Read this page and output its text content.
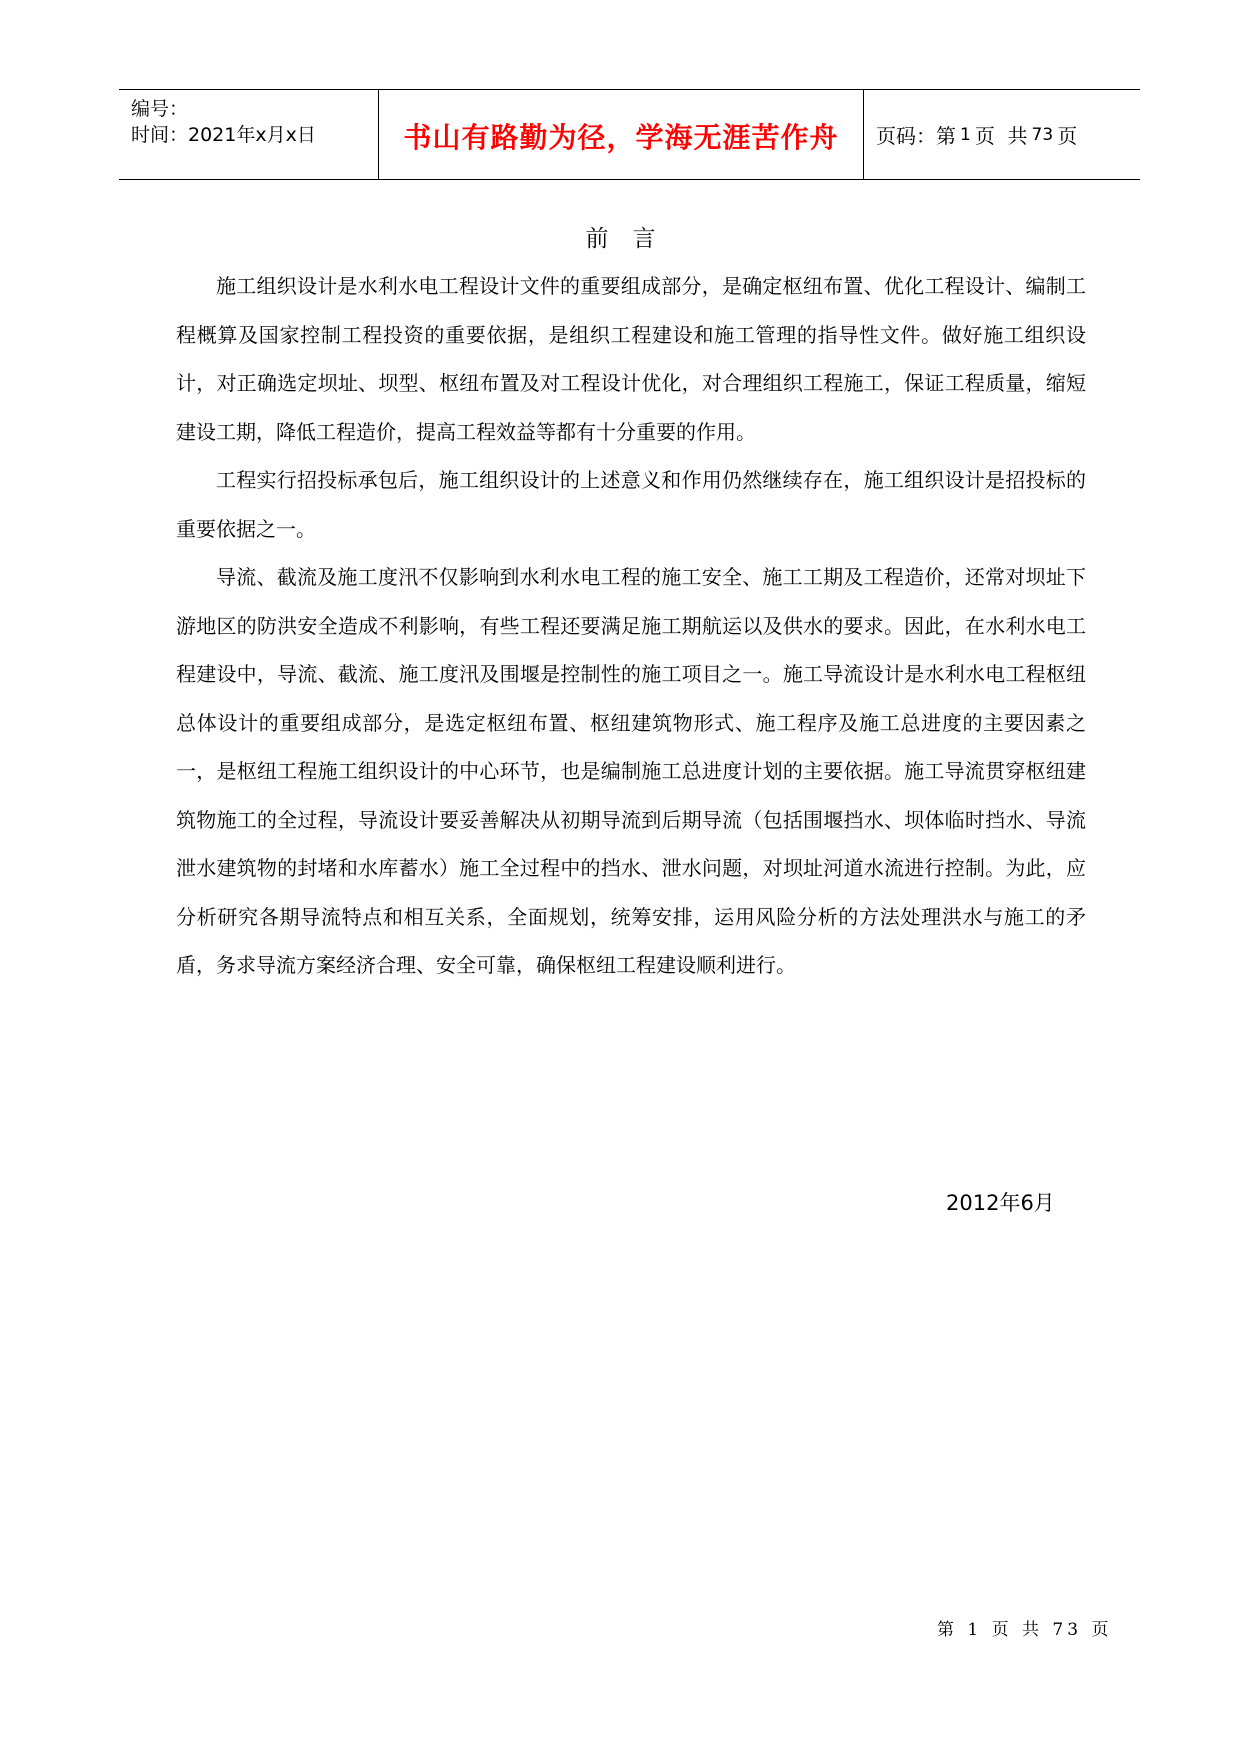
编号：
时间：2021年x月x日	书山有路勤为径，学海无涯苦作舟 页码：第 1 页  共 73 页
前言

施工组织设计是水利水电工程设计文件的重要组成部分，是确定枢纽布置、优化工程设计、编制工程概算及国家控制工程投资的重要依据，是组织工程建设和施工管理的指导性文件。做好施工组织设计，对正确选定坝址、坝型、枢纽布置及对工程设计优化，对合理组织工程施工，保证工程质量，缩短建设工期，降低工程造价，提高工程效益等都有十分重要的作用。

工程实行招投标承包后，施工组织设计的上述意义和作用仍然继续存在，施工组织设计是招投标的重要依据之一。

导流、截流及施工度汛不仅影响到水利水电工程的施工安全、施工工期及工程造价，还常对坝址下游地区的防洪安全造成不利影响，有些工程还要满足施工期航运以及供水的要求。因此，在水利水电工程建设中，导流、截流、施工度汛及围堰是控制性的施工项目之一。施工导流设计是水利水电工程枢纽总体设计的重要组成部分，是选定枢纽布置、枢纽建筑物形式、施工程序及施工总进度的主要因素之一，是枢纽工程施工组织设计的中心环节，也是编制施工总进度计划的主要依据。施工导流贯穿枢纽建筑物施工的全过程，导流设计要妥善解决从初期导流到后期导流（包括围堰挡水、坝体临时挡水、导流泄水建筑物的封堵和水库蓄水）施工全过程中的挡水、泄水问题，对坝址河道水流进行控制。为此，应分析研究各期导流特点和相互关系，全面规划，统筹安排，运用风险分析的方法处理洪水与施工的矛盾，务求导流方案经济合理、安全可靠，确保枢纽工程建设顺利进行。

2012年6月
第 1 页 共 73 页
